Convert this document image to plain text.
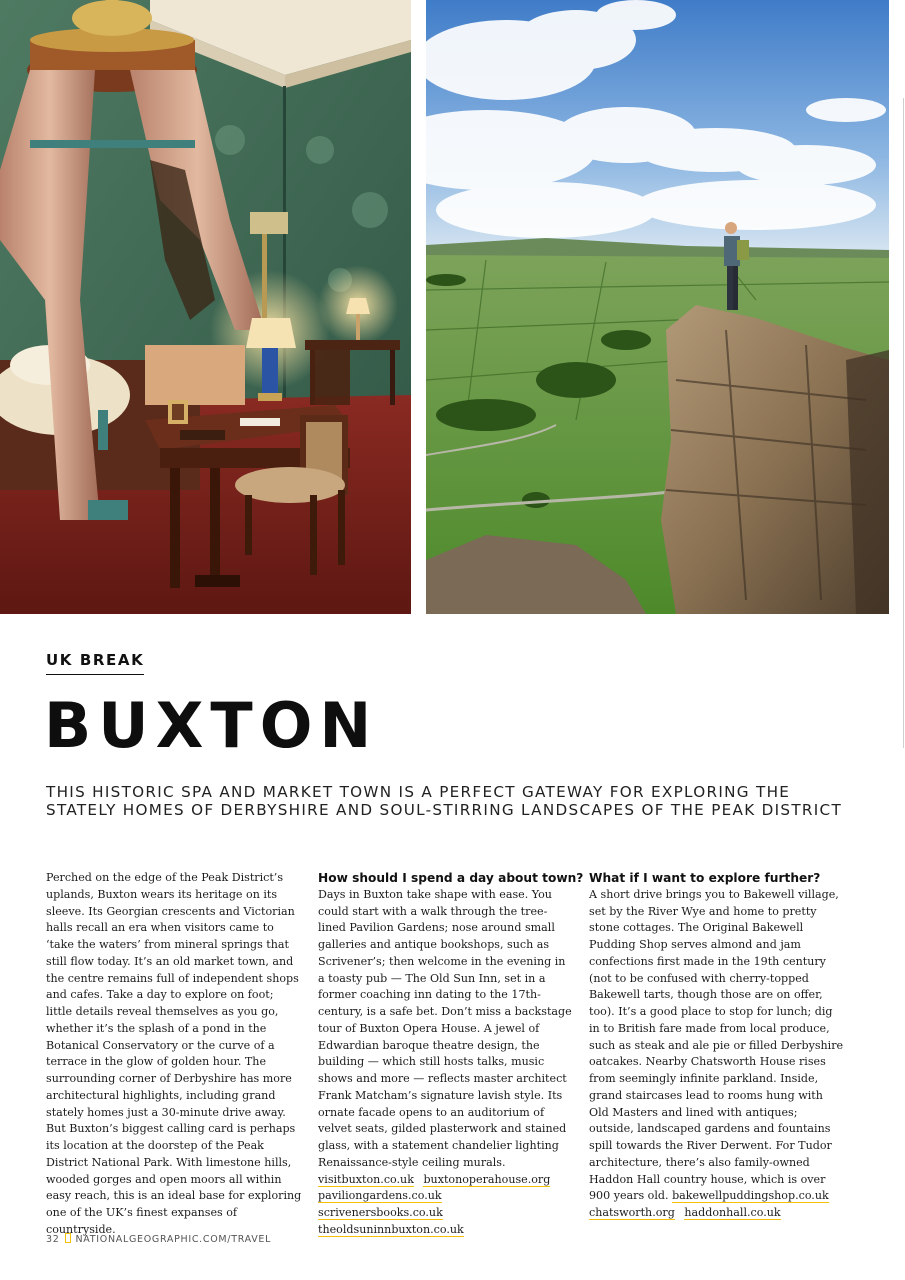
UK BREAK
BUXTON
THIS HISTORIC SPA AND MARKET TOWN IS A PERFECT GATEWAY FOR EXPLORING THE STATELY HOMES OF DERBYSHIRE AND SOUL-STIRRING LANDSCAPES OF THE PEAK DISTRICT

Perched on the edge of the Peak District’s uplands, Buxton wears its heritage on its sleeve. Its Georgian crescents and Victorian halls recall an era when visitors came to ‘take the waters’ from mineral springs that still flow today. It’s an old market town, and the centre remains full of independent shops and cafes. Take a day to explore on foot; little details reveal themselves as you go, whether it’s the splash of a pond in the Botanical Conservatory or the curve of a terrace in the glow of golden hour. The surrounding corner of Derbyshire has more architectural highlights, including grand stately homes just a 30-minute drive away. But Buxton’s biggest calling card is perhaps its location at the doorstep of the Peak District National Park. With limestone hills, wooded gorges and open moors all within easy reach, this is an ideal base for exploring one of the UK’s finest expanses of countryside.

How should I spend a day about town?

Days in Buxton take shape with ease. You could start with a walk through the tree-lined Pavilion Gardens; nose around small galleries and antique bookshops, such as Scrivener’s; then welcome in the evening in a toasty pub — The Old Sun Inn, set in a former coaching inn dating to the 17th-century, is a safe bet. Don’t miss a backstage tour of Buxton Opera House. A jewel of Edwardian baroque theatre design, the building — which still hosts talks, music shows and more — reflects master architect Frank Matcham’s signature lavish style. Its ornate facade opens to an auditorium of velvet seats, gilded plasterwork and stained glass, with a statement chandelier lighting Renaissance-style ceiling murals.

visitbuxton.co.uk buxtonoperahouse.org
paviliongardens.co.uk scrivenersbooks.co.uk
theoldsuninnbuxton.co.uk
What if I want to explore further?

A short drive brings you to Bakewell village, set by the River Wye and home to pretty stone cottages. The Original Bakewell Pudding Shop serves almond and jam confections first made in the 19th century (not to be confused with cherry-topped Bakewell tarts, though those are on offer, too). It’s a good place to stop for lunch; dig in to British fare made from local produce, such as steak and ale pie or filled Derbyshire oatcakes. Nearby Chatsworth House rises from seemingly infinite parkland. Inside, grand staircases lead to rooms hung with Old Masters and lined with antiques; outside, landscaped gardens and fountains spill towards the River Derwent. For Tudor architecture, there’s also family-owned Haddon Hall country house, which is over 900 years old. bakewellpuddingshop.co.uk

chatsworth.org haddonhall.co.uk
32 NATIONALGEOGRAPHIC.COM/TRAVEL
